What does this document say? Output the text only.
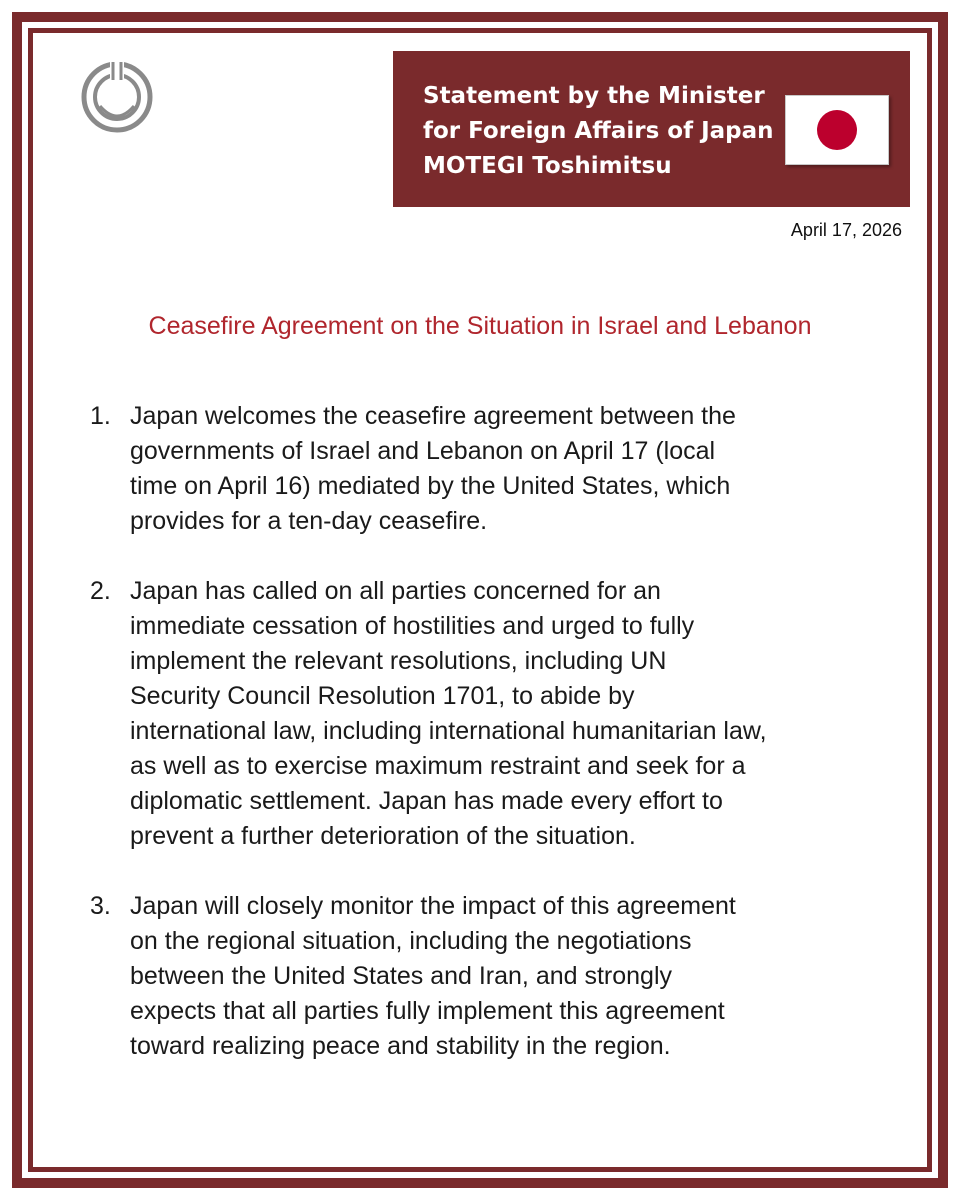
Statement by the Minister
for Foreign Affairs of Japan
MOTEGI Toshimitsu
April 17, 2026
Ceasefire Agreement on the Situation in Israel and Lebanon
1. Japan welcomes the ceasefire agreement between the
governments of Israel and Lebanon on April 17 (local
time on April 16) mediated by the United States, which
provides for a ten-day ceasefire.
2. Japan has called on all parties concerned for an
immediate cessation of hostilities and urged to fully
implement the relevant resolutions, including UN
Security Council Resolution 1701, to abide by
international law, including international humanitarian law,
as well as to exercise maximum restraint and seek for a
diplomatic settlement. Japan has made every effort to
prevent a further deterioration of the situation.
3. Japan will closely monitor the impact of this agreement
on the regional situation, including the negotiations
between the United States and Iran, and strongly
expects that all parties fully implement this agreement
toward realizing peace and stability in the region.
